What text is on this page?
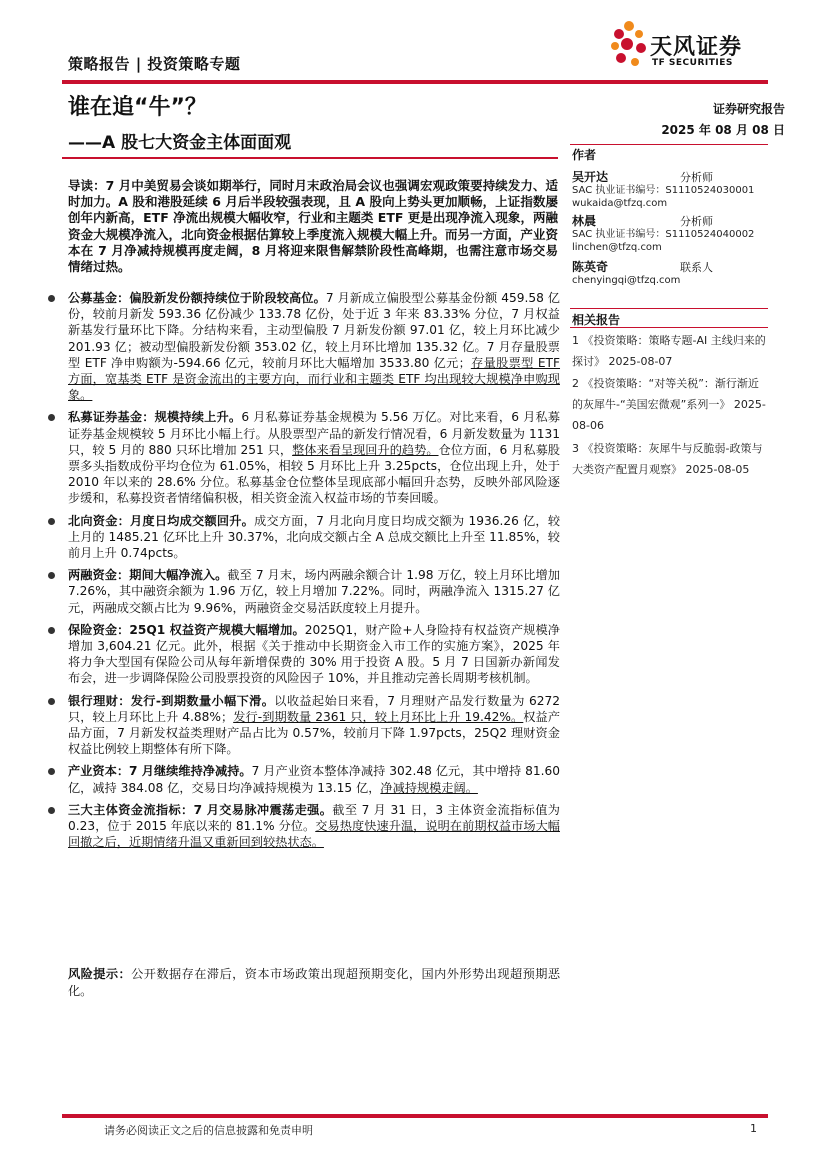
策略报告 | 投资策略专题
天风证券
TF SECURITIES
谁在追“牛”？
——A 股七大资金主体面面观
证券研究报告
2025 年 08 月 08 日
作者
吴开达	分析师
SAC 执业证书编号：S1110524030001
wukaida@tfzq.com
林晨	分析师
SAC 执业证书编号：S1110524040002
linchen@tfzq.com
陈英奇	联系人
chenyingqi@tfzq.com
相关报告
1 《投资策略：策略专题-AI 主线归来的探讨》 2025-08-07
2 《投资策略：“对等关税”：渐行渐近的灰犀牛-“美国宏微观”系列一》 2025-08-06
3 《投资策略：灰犀牛与反脆弱-政策与大类资产配置月观察》 2025-08-05
导读：7 月中美贸易会谈如期举行，同时月末政治局会议也强调宏观政策要持续发力、适时加力。A 股和港股延续 6 月后半段较强表现，且 A 股向上势头更加顺畅，上证指数屡创年内新高，ETF 净流出规模大幅收窄，行业和主题类 ETF 更是出现净流入现象，两融资金大规模净流入，北向资金根据估算较上季度流入规模大幅上升。而另一方面，产业资本在 7 月净减持规模再度走阔，8 月将迎来限售解禁阶段性高峰期，也需注意市场交易情绪过热。
公募基金：偏股新发份额持续位于阶段较高位。7 月新成立偏股型公募基金份额 459.58 亿份，较前月新发 593.36 亿份减少 133.78 亿份，处于近 3 年来 83.33% 分位，7 月权益新基发行量环比下降。分结构来看，主动型偏股 7 月新发份额 97.01 亿，较上月环比减少 201.93 亿；被动型偏股新发份额 353.02 亿，较上月环比增加 135.32 亿。7 月存量股票型 ETF 净申购额为-594.66 亿元，较前月环比大幅增加 3533.80 亿元；存量股票型 ETF 方面，宽基类 ETF 是资金流出的主要方向，而行业和主题类 ETF 均出现较大规模净申购现象。
私募证券基金：规模持续上升。6 月私募证券基金规模为 5.56 万亿。对比来看，6 月私募证券基金规模较 5 月环比小幅上行。从股票型产品的新发行情况看，6 月新发数量为 1131 只，较 5 月的 880 只环比增加 251 只，整体来看呈现回升的趋势。仓位方面，6 月私募股票多头指数成份平均仓位为 61.05%，相较 5 月环比上升 3.25pcts，仓位出现上升，处于 2010 年以来的 28.6% 分位。私募基金仓位整体呈现底部小幅回升态势，反映外部风险逐步缓和，私募投资者情绪偏积极，相关资金流入权益市场的节奏回暖。
北向资金：月度日均成交额回升。成交方面，7 月北向月度日均成交额为 1936.26 亿，较上月的 1485.21 亿环比上升 30.37%，北向成交额占全 A 总成交额比上升至 11.85%，较前月上升 0.74pcts。
两融资金：期间大幅净流入。截至 7 月末，场内两融余额合计 1.98 万亿，较上月环比增加 7.26%，其中融资余额为 1.96 万亿，较上月增加 7.22%。同时，两融净流入 1315.27 亿元，两融成交额占比为 9.96%，两融资金交易活跃度较上月提升。
保险资金：25Q1 权益资产规模大幅增加。2025Q1，财产险+人身险持有权益资产规模净增加 3,604.21 亿元。此外，根据《关于推动中长期资金入市工作的实施方案》，2025 年将力争大型国有保险公司从每年新增保费的 30% 用于投资 A 股。5 月 7 日国新办新闻发布会，进一步调降保险公司股票投资的风险因子 10%，并且推动完善长周期考核机制。
银行理财：发行-到期数量小幅下滑。以收益起始日来看，7 月理财产品发行数量为 6272 只，较上月环比上升 4.88%；发行-到期数量 2361 只，较上月环比上升 19.42%。权益产品方面，7 月新发权益类理财产品占比为 0.57%，较前月下降 1.97pcts，25Q2 理财资金权益比例较上期整体有所下降。
产业资本：7 月继续维持净减持。7 月产业资本整体净减持 302.48 亿元，其中增持 81.60 亿，减持 384.08 亿，交易日均净减持规模为 13.15 亿，净减持规模走阔。
三大主体资金流指标：7 月交易脉冲震荡走强。截至 7 月 31 日，3 主体资金流指标值为 0.23，位于 2015 年底以来的 81.1% 分位。交易热度快速升温，说明在前期权益市场大幅回撤之后，近期情绪升温又重新回到较热状态。
风险提示：公开数据存在滞后，资本市场政策出现超预期变化，国内外形势出现超预期恶化。
请务必阅读正文之后的信息披露和免责申明	1
